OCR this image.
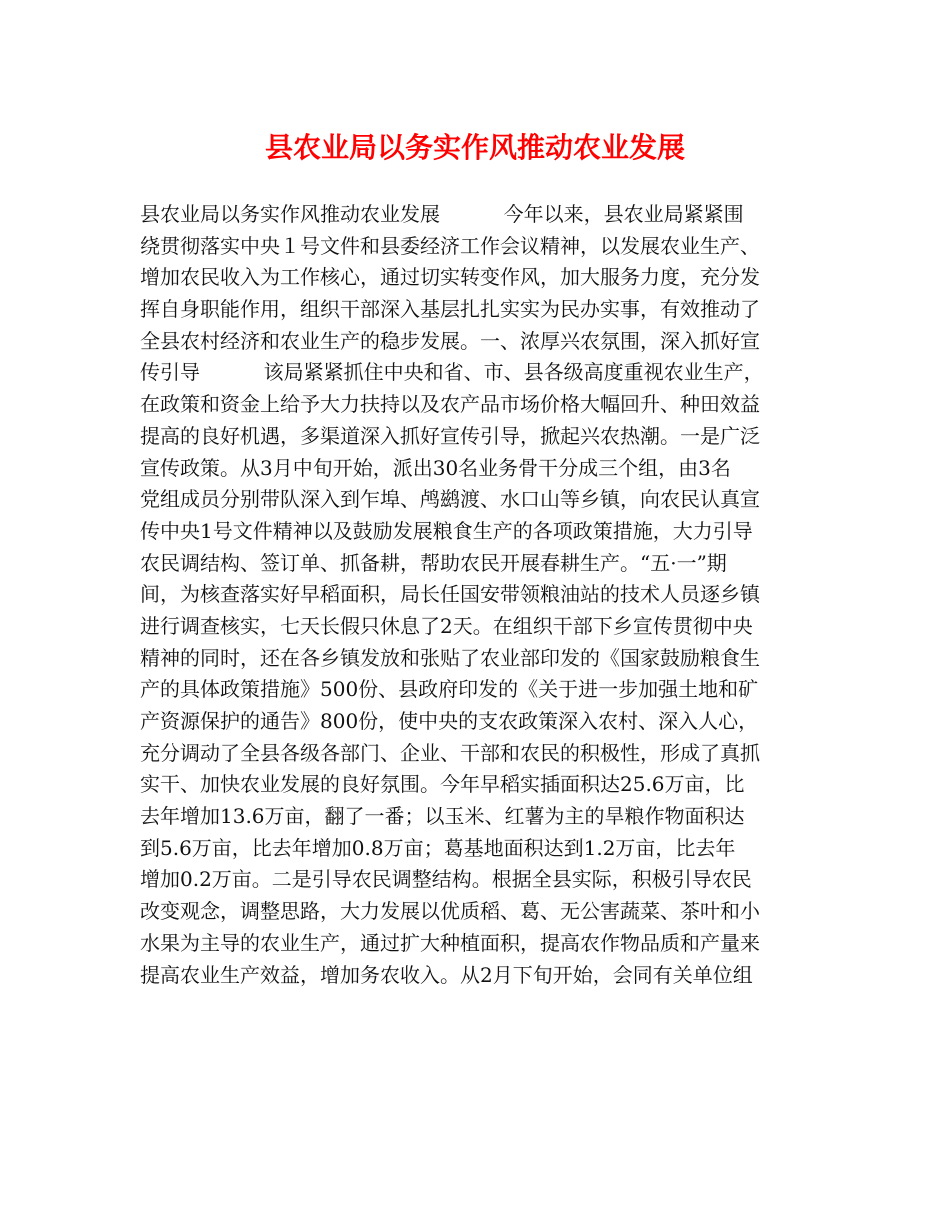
县农业局以务实作风推动农业发展
县农业局以务实作风推动农业发展          今年以来，县农业局紧紧围
绕贯彻落实中央１号文件和县委经济工作会议精神，以发展农业生产、
增加农民收入为工作核心，通过切实转变作风，加大服务力度，充分发
挥自身职能作用，组织干部深入基层扎扎实实为民办实事，有效推动了
全县农村经济和农业生产的稳步发展。一、浓厚兴农氛围，深入抓好宣
传引导          该局紧紧抓住中央和省、市、县各级高度重视农业生产，
在政策和资金上给予大力扶持以及农产品市场价格大幅回升、种田效益
提高的良好机遇，多渠道深入抓好宣传引导，掀起兴农热潮。一是广泛
宣传政策。从3月中旬开始，派出30名业务骨干分成三个组，由3名
党组成员分别带队深入到乍埠、鸬鹚渡、水口山等乡镇，向农民认真宣
传中央1号文件精神以及鼓励发展粮食生产的各项政策措施，大力引导
农民调结构、签订单、抓备耕，帮助农民开展春耕生产。“五·一”期
间，为核查落实好早稻面积，局长任国安带领粮油站的技术人员逐乡镇
进行调查核实，七天长假只休息了2天。在组织干部下乡宣传贯彻中央
精神的同时，还在各乡镇发放和张贴了农业部印发的《国家鼓励粮食生
产的具体政策措施》500份、县政府印发的《关于进一步加强土地和矿
产资源保护的通告》800份，使中央的支农政策深入农村、深入人心，
充分调动了全县各级各部门、企业、干部和农民的积极性，形成了真抓
实干、加快农业发展的良好氛围。今年早稻实插面积达25.6万亩，比
去年增加13.6万亩，翻了一番；以玉米、红薯为主的旱粮作物面积达
到5.6万亩，比去年增加0.8万亩；葛基地面积达到1.2万亩，比去年
增加0.2万亩。二是引导农民调整结构。根据全县实际，积极引导农民
改变观念，调整思路，大力发展以优质稻、葛、无公害蔬菜、茶叶和小
水果为主导的农业生产，通过扩大种植面积，提高农作物品质和产量来
提高农业生产效益，增加务农收入。从2月下旬开始，会同有关单位组
